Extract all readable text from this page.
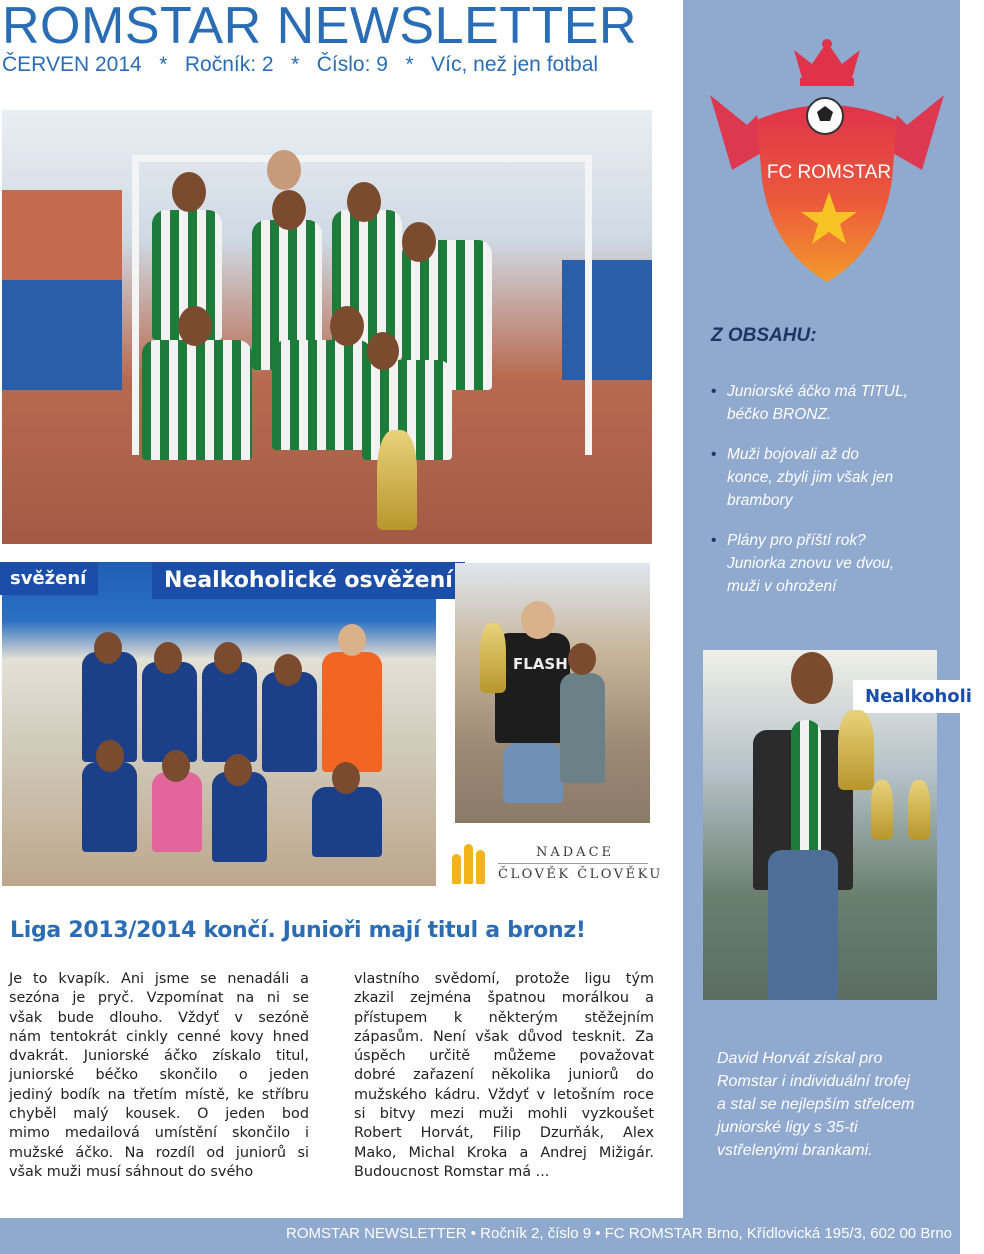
ROMSTAR NEWSLETTER
ČERVEN 2014   *   Ročník: 2   *   Číslo: 9   *   Víc, než jen fotbal
FC ROMSTAR
Z OBSAHU:
• Juniorské áčko má TITUL,
béčko BRONZ.
• Muži bojovali až do
konce, zbyli jim však jen
brambory
• Plány pro příští rok?
Juniorka znovu ve dvou,
muži v ohrožení
svěžení	Nealkoholické osvěžení
FLASH
NADACE
ČLOVĚK ČLOVĚKU
Nealkoholi
David Horvát získal pro
Romstar i individuální trofej
a stal se nejlepším střelcem
juniorské ligy s 35-ti
vstřelenými brankami.
Liga 2013/2014 končí. Junioři mají titul a bronz!
Je to kvapík. Ani jsme se nenadáli a
sezóna je pryč. Vzpomínat na ni se
však bude dlouho. Vždyť v sezóně
nám tentokrát cinkly cenné kovy hned
dvakrát. Juniorské áčko získalo titul,
juniorské béčko skončilo o jeden
jediný bodík na třetím místě, ke stříbru
chyběl malý kousek. O jeden bod
mimo medailová umístění skončilo i
mužské áčko. Na rozdíl od juniorů si
však muži musí sáhnout do svého
vlastního svědomí, protože ligu tým
zkazil zejména špatnou morálkou a
přístupem k některým stěžejním
zápasům. Není však důvod tesknit. Za
úspěch určitě můžeme považovat
dobré zařazení několika juniorů do
mužského kádru. Vždyť v letošním roce
si bitvy mezi muži mohli vyzkoušet
Robert Horvát, Filip Dzurňák, Alex
Mako, Michal Kroka a Andrej Mižigár.
Budoucnost Romstar má ...
ROMSTAR NEWSLETTER • Ročník 2, číslo 9 • FC ROMSTAR Brno, Křídlovická 195/3, 602 00 Brno
